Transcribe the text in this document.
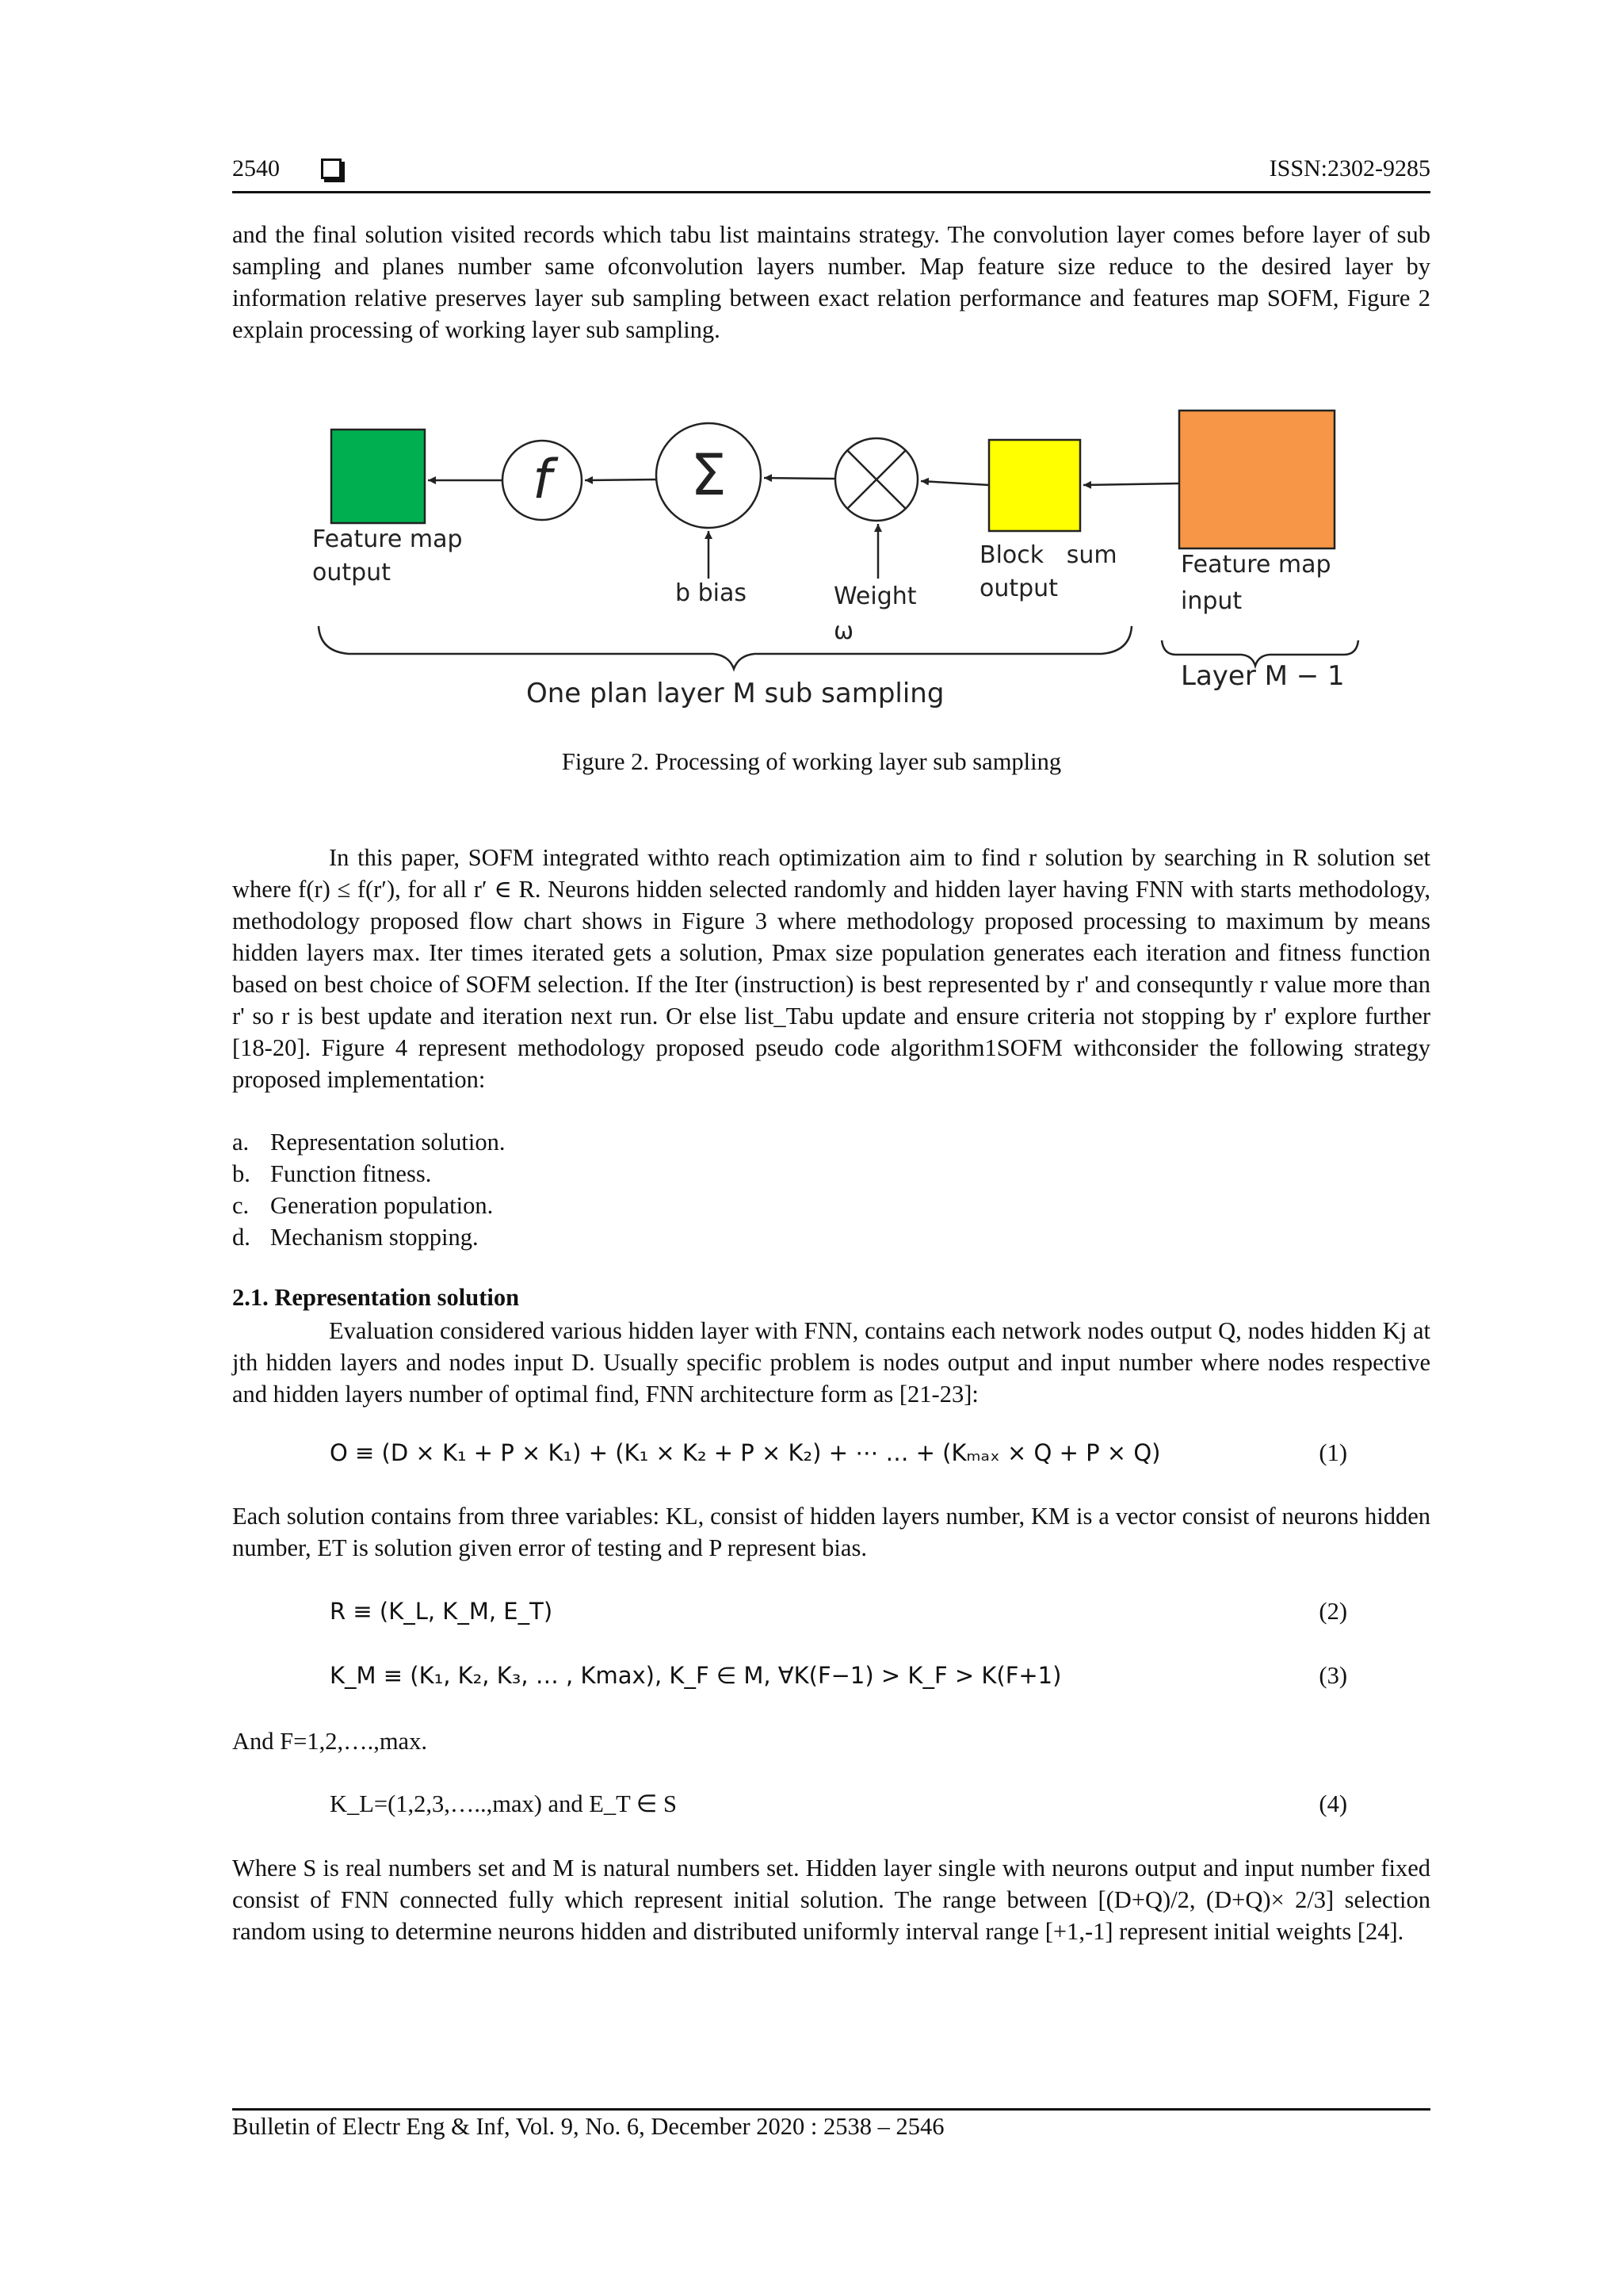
2540	ISSN:2302-9285

and the final solution visited records which tabu list maintains strategy. The convolution layer comes before layer of sub sampling and planes number same ofconvolution layers number. Map feature size reduce to the desired layer by information relative preserves layer sub sampling between exact relation performance and features map SOFM, Figure 2 explain processing of working layer sub sampling.

f Σ
Feature map
output
b bias	Weight
ω
Block   sum
output
Feature map
input
One plan layer M sub sampling
Layer M − 1
Figure 2. Processing of working layer sub sampling

In this paper, SOFM integrated withto reach optimization aim to find r solution by searching in R solution set where f(r) ≤ f(r′), for all r′ ∈ R. Neurons hidden selected randomly and hidden layer having FNN with starts methodology, methodology proposed flow chart shows in Figure 3 where methodology proposed processing to maximum by means hidden layers max. Iter times iterated gets a solution, Pmax size population generates each iteration and fitness function based on best choice of SOFM selection. If the Iter (instruction) is best represented by r' and consequntly r value more than r' so r is best update and iteration next run. Or else list_Tabu update and ensure criteria not stopping by r' explore further [18-20]. Figure 4 represent methodology proposed pseudo code algorithm1SOFM withconsider the following strategy proposed implementation:

a. Representation solution.
b. Function fitness.
c. Generation population.
d. Mechanism stopping.
2.1. Representation solution

Evaluation considered various hidden layer with FNN, contains each network nodes output Q, nodes hidden Kj at jth hidden layers and nodes input D. Usually specific problem is nodes output and input number where nodes respective and hidden layers number of optimal find, FNN architecture form as [21-23]:

O ≡ (D × K₁ + P × K₁) + (K₁ × K₂ + P × K₂) + ⋯ … + (Kₘₐₓ × Q + P × Q)	(1)

Each solution contains from three variables: KL, consist of hidden layers number, KM is a vector consist of neurons hidden number, ET is solution given error of testing and P represent bias.

R ≡ (K_L, K_M, E_T)	(2)
K_M ≡ (K₁, K₂, K₃, … , Kmax), K_F ∈ M, ∀K(F−1) > K_F > K(F+1)	(3)

And F=1,2,….,max.

K_L=(1,2,3,…..,max) and E_T ∈ S	(4)

Where S is real numbers set and M is natural numbers set. Hidden layer single with neurons output and input number fixed consist of FNN connected fully which represent initial solution. The range between [(D+Q)/2, (D+Q)× 2/3] selection random using to determine neurons hidden and distributed uniformly interval range [+1,-1] represent initial weights [24].

Bulletin of Electr Eng & Inf, Vol. 9, No. 6, December 2020 : 2538 – 2546
